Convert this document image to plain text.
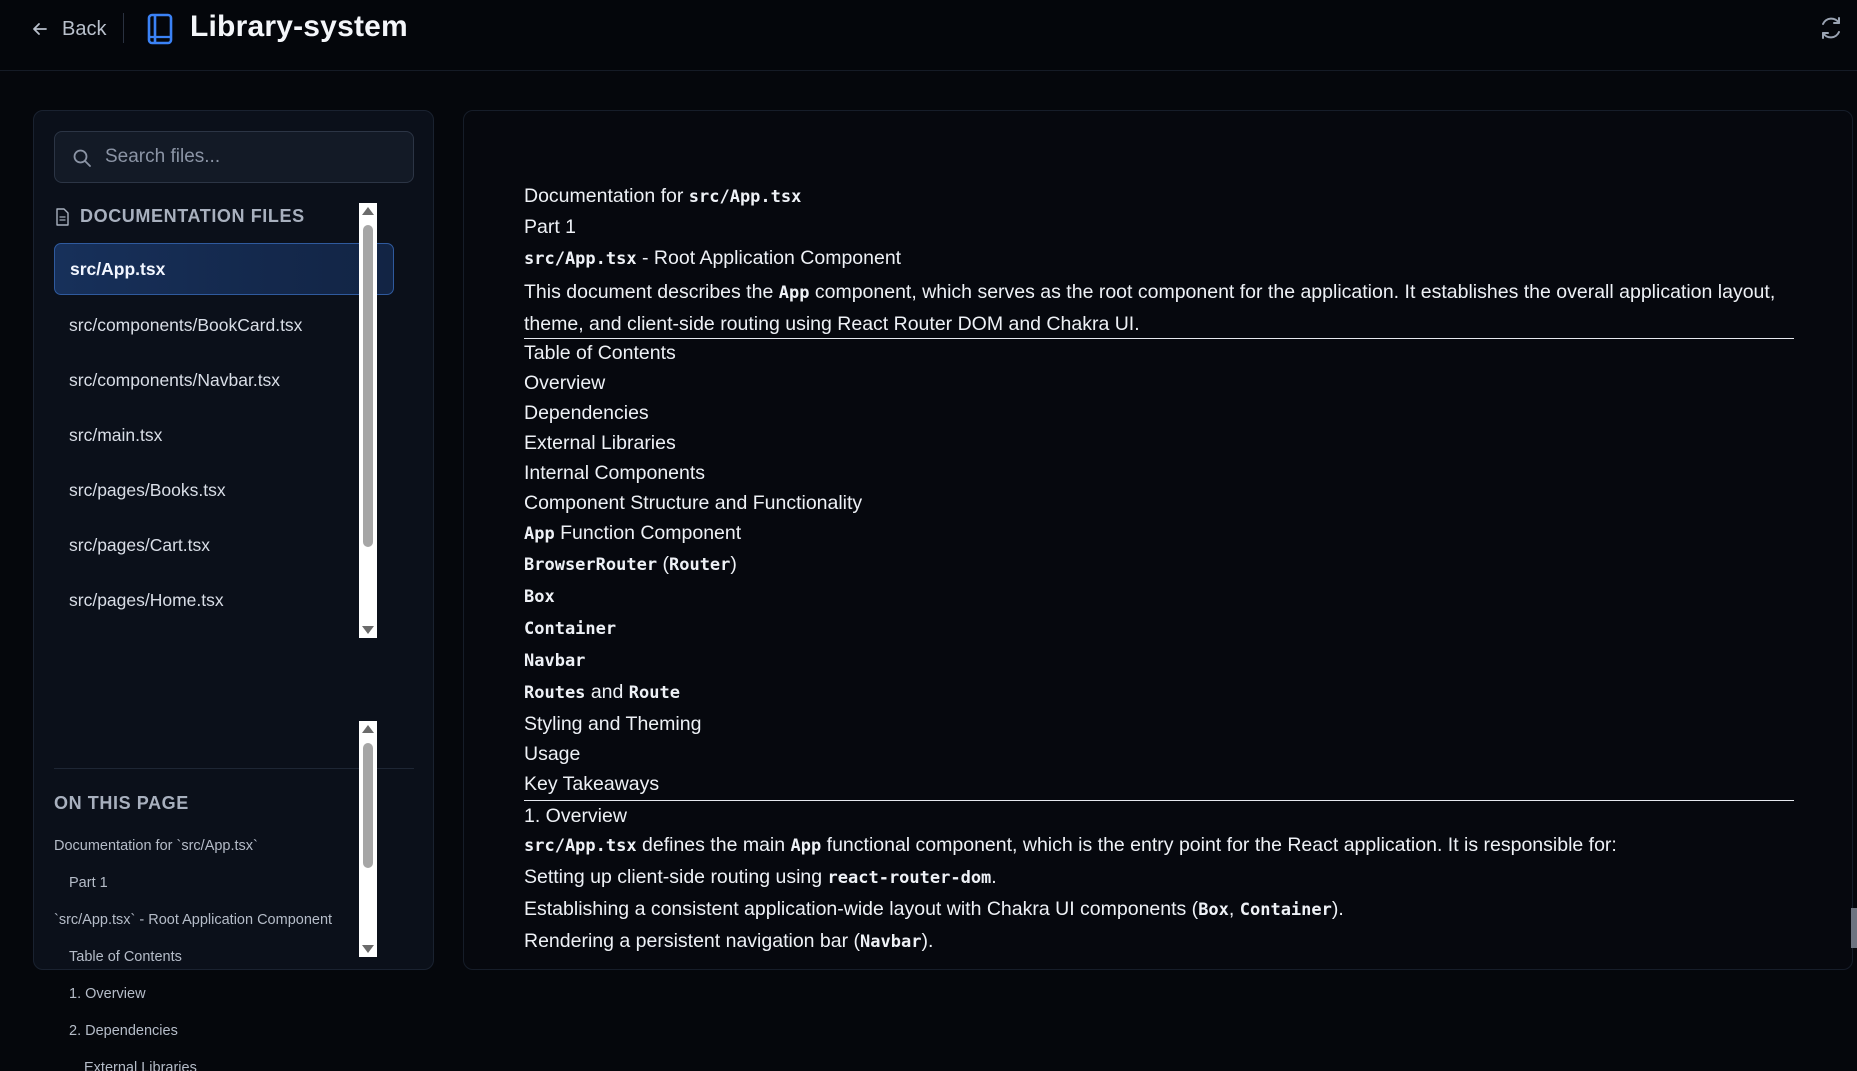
Back	Library-system
Search files...
DOCUMENTATION FILES
src/App.tsx
src/components/BookCard.tsx
src/components/Navbar.tsx
src/main.tsx
src/pages/Books.tsx
src/pages/Cart.tsx
src/pages/Home.tsx
ON THIS PAGE
Documentation for `src/App.tsx`
Part 1
`src/App.tsx` - Root Application Component
Table of Contents
1. Overview
2. Dependencies
External Libraries
Documentation for src/App.tsx
Part 1
src/App.tsx - Root Application Component
This document describes the App component, which serves as the root component for the application. It establishes the overall application layout, theme, and client-side routing using React Router DOM and Chakra UI.
Table of Contents
Overview
Dependencies
External Libraries
Internal Components
Component Structure and Functionality
App Function Component
BrowserRouter (Router)
Box
Container
Navbar
Routes and Route
Styling and Theming
Usage
Key Takeaways
1. Overview
src/App.tsx defines the main App functional component, which is the entry point for the React application. It is responsible for:
Setting up client-side routing using react-router-dom.
Establishing a consistent application-wide layout with Chakra UI components (Box, Container).
Rendering a persistent navigation bar (Navbar).
